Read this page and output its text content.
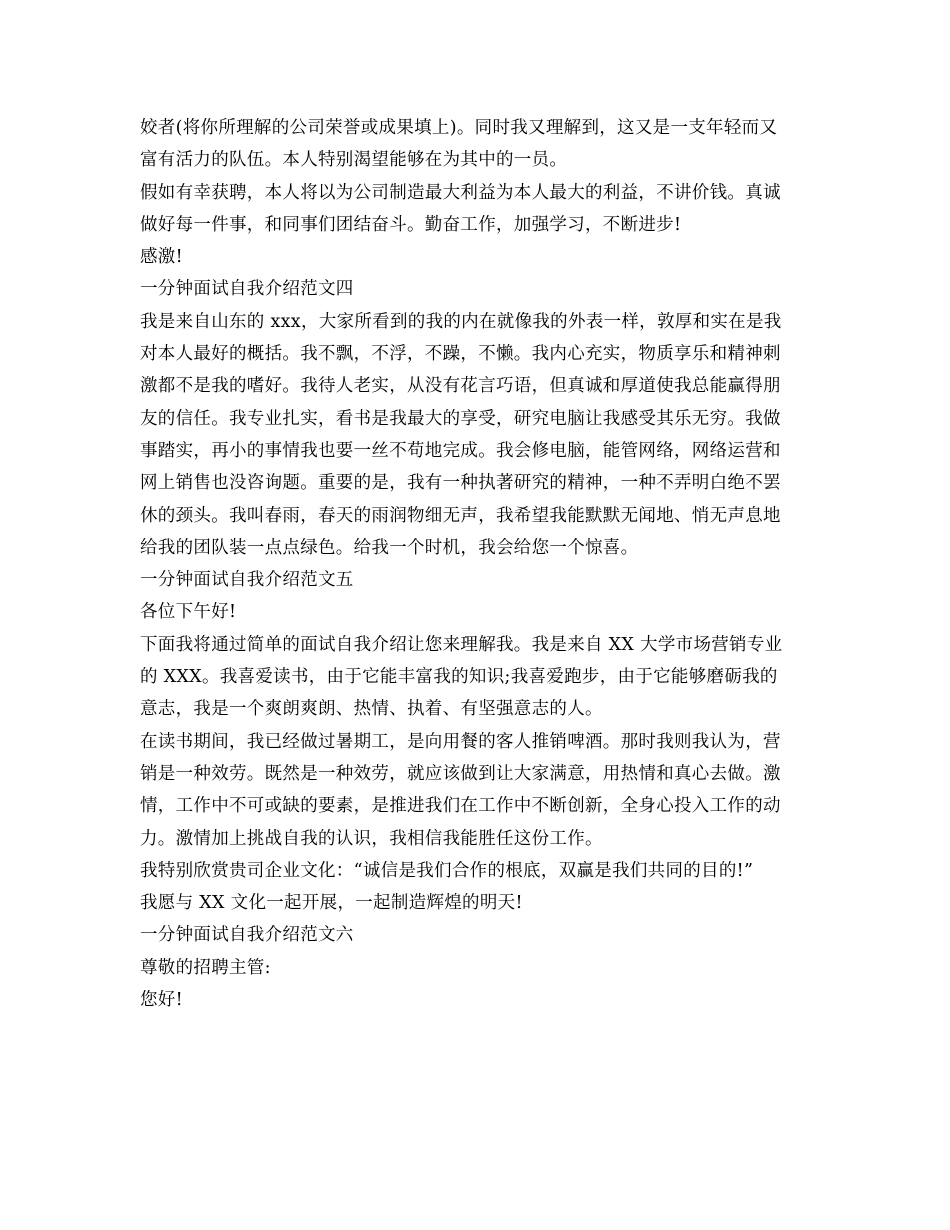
姣者(将你所理解的公司荣誉或成果填上)。同时我又理解到，这又是一支年轻而又
富有活力的队伍。本人特别渴望能够在为其中的一员。
假如有幸获聘，本人将以为公司制造最大利益为本人最大的利益，不讲价钱。真诚
做好每一件事，和同事们团结奋斗。勤奋工作，加强学习，不断进步!
感激!
一分钟面试自我介绍范文四
我是来自山东的 xxx，大家所看到的我的内在就像我的外表一样，敦厚和实在是我
对本人最好的概括。我不飘，不浮，不躁，不懒。我内心充实，物质享乐和精神刺
激都不是我的嗜好。我待人老实，从没有花言巧语，但真诚和厚道使我总能赢得朋
友的信任。我专业扎实，看书是我最大的享受，研究电脑让我感受其乐无穷。我做
事踏实，再小的事情我也要一丝不苟地完成。我会修电脑，能管网络，网络运营和
网上销售也没咨询题。重要的是，我有一种执著研究的精神，一种不弄明白绝不罢
休的颈头。我叫春雨，春天的雨润物细无声，我希望我能默默无闻地、悄无声息地
给我的团队装一点点绿色。给我一个时机，我会给您一个惊喜。
一分钟面试自我介绍范文五
各位下午好!
下面我将通过简单的面试自我介绍让您来理解我。我是来自 XX 大学市场营销专业
的 XXX。我喜爱读书，由于它能丰富我的知识;我喜爱跑步，由于它能够磨砺我的
意志，我是一个爽朗爽朗、热情、执着、有坚强意志的人。
在读书期间，我已经做过暑期工，是向用餐的客人推销啤酒。那时我则我认为，营
销是一种效劳。既然是一种效劳，就应该做到让大家满意，用热情和真心去做。激
情，工作中不可或缺的要素，是推进我们在工作中不断创新，全身心投入工作的动
力。激情加上挑战自我的认识，我相信我能胜任这份工作。
我特别欣赏贵司企业文化：“诚信是我们合作的根底，双赢是我们共同的目的!”
我愿与 XX 文化一起开展，一起制造辉煌的明天!
一分钟面试自我介绍范文六
尊敬的招聘主管:
您好!
